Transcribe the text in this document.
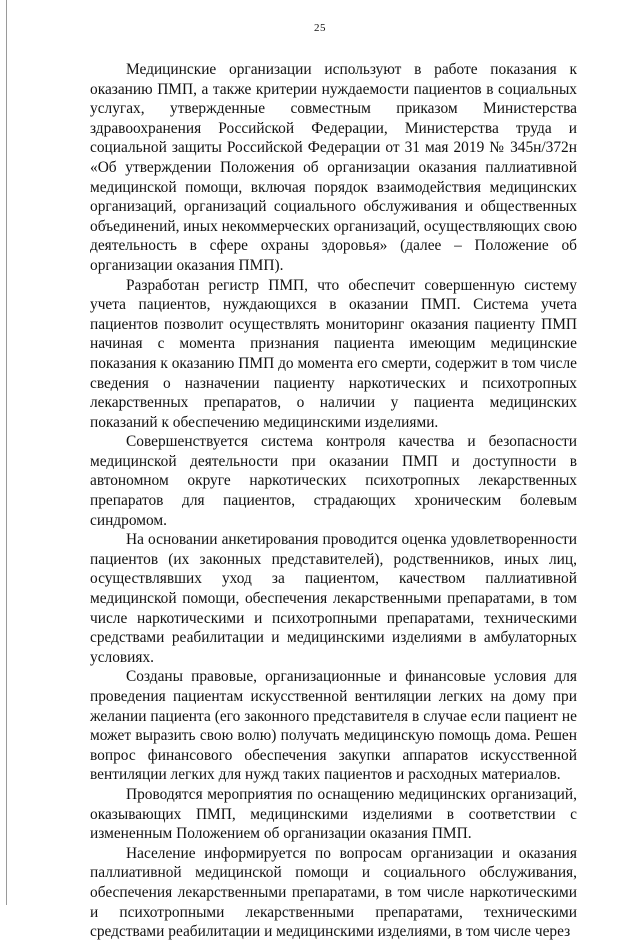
25

Медицинские организации используют в работе показания к оказанию ПМП, а также критерии нуждаемости пациентов в социальных услугах, утвержденные совместным приказом Министерства здравоохранения Российской Федерации, Министерства труда и социальной защиты Российской Федерации от 31 мая 2019 № 345н/372н «Об утверждении Положения об организации оказания паллиативной медицинской помощи, включая порядок взаимодействия медицинских организаций, организаций социального обслуживания и общественных объединений, иных некоммерческих организаций, осуществляющих свою деятельность в сфере охраны здоровья» (далее – Положение об организации оказания ПМП).

Разработан регистр ПМП, что обеспечит совершенную систему учета пациентов, нуждающихся в оказании ПМП. Система учета пациентов позволит осуществлять мониторинг оказания пациенту ПМП начиная с момента признания пациента имеющим медицинские показания к оказанию ПМП до момента его смерти, содержит в том числе сведения о назначении пациенту наркотических и психотропных лекарственных препаратов, о наличии у пациента медицинских показаний к обеспечению медицинскими изделиями.

Совершенствуется система контроля качества и безопасности медицинской деятельности при оказании ПМП и доступности в автономном округе наркотических психотропных лекарственных препаратов для пациентов, страдающих хроническим болевым синдромом.

На основании анкетирования проводится оценка удовлетворенности пациентов (их законных представителей), родственников, иных лиц, осуществлявших уход за пациентом, качеством паллиативной медицинской помощи, обеспечения лекарственными препаратами, в том числе наркотическими и психотропными препаратами, техническими средствами реабилитации и медицинскими изделиями в амбулаторных условиях.

Созданы правовые, организационные и финансовые условия для проведения пациентам искусственной вентиляции легких на дому при желании пациента (его законного представителя в случае если пациент не может выразить свою волю) получать медицинскую помощь дома. Решен вопрос финансового обеспечения закупки аппаратов искусственной вентиляции легких для нужд таких пациентов и расходных материалов.

Проводятся мероприятия по оснащению медицинских организаций, оказывающих ПМП, медицинскими изделиями в соответствии с измененным Положением об организации оказания ПМП.

Население информируется по вопросам организации и оказания паллиативной медицинской помощи и социального обслуживания, обеспечения лекарственными препаратами, в том числе наркотическими и психотропными лекарственными препаратами, техническими средствами реабилитации и медицинскими изделиями, в том числе через
